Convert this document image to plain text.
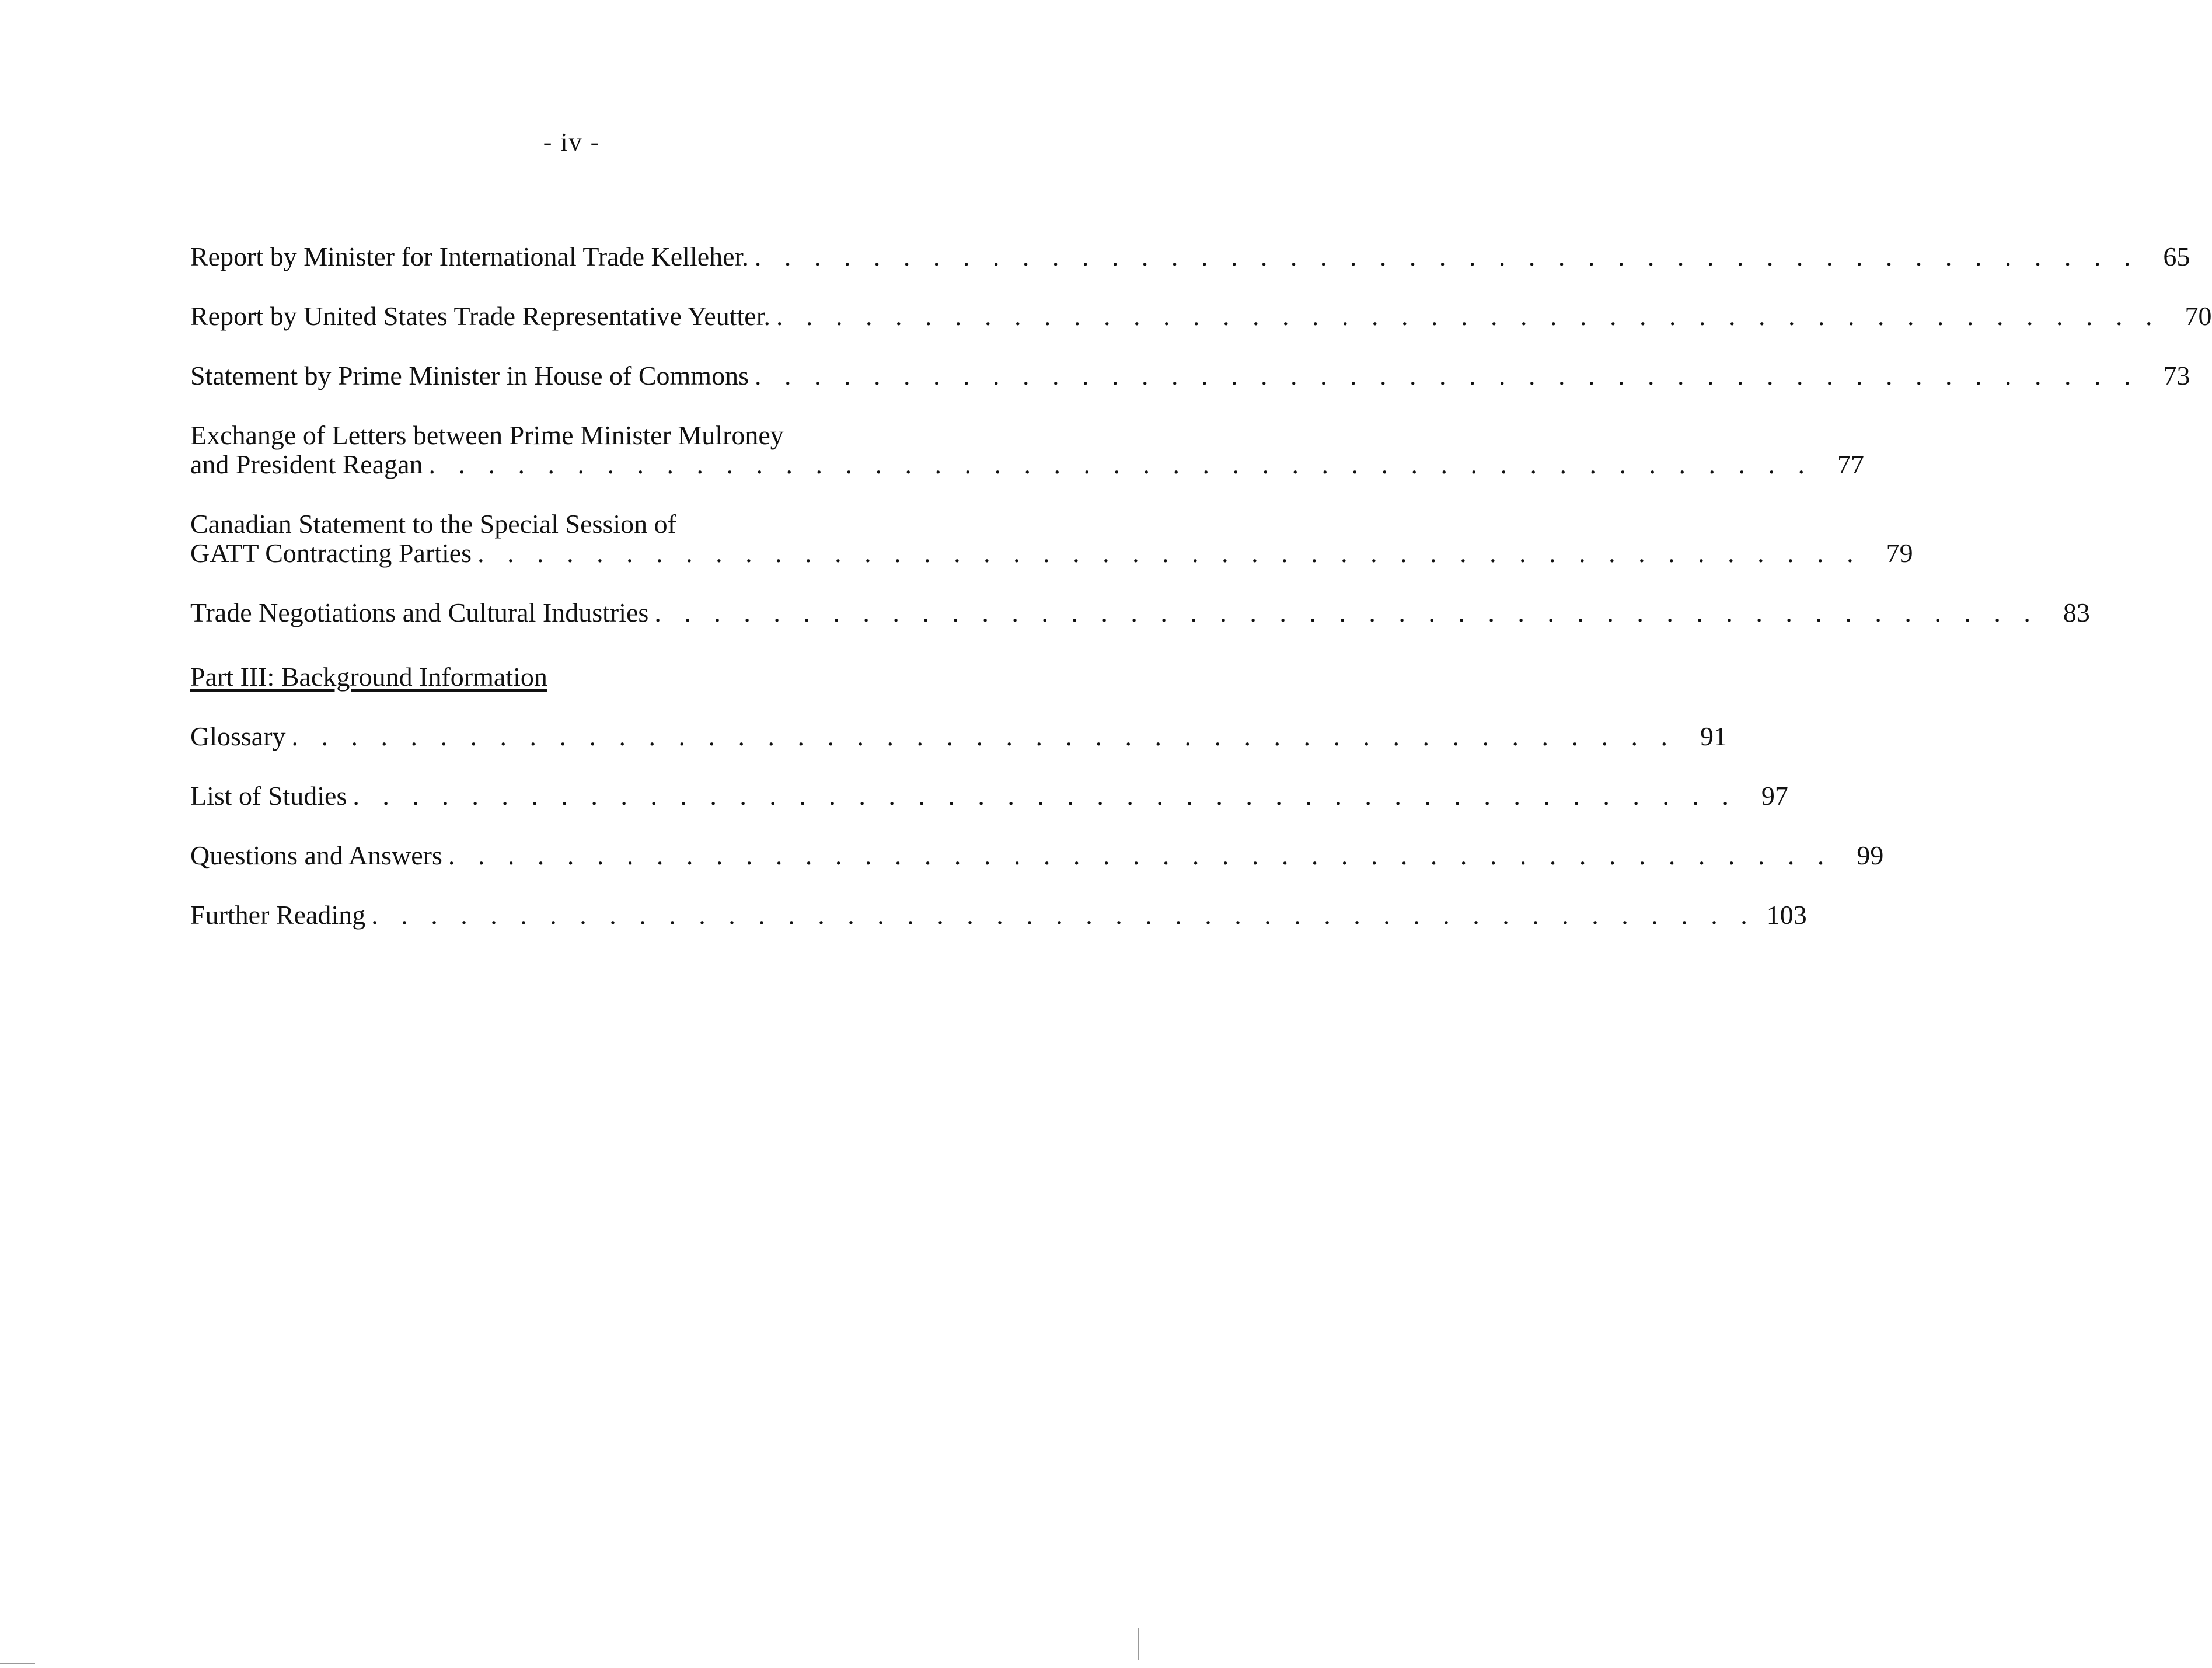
- iv -
Report by Minister for International Trade Kelleher. . . . . . . . . . . . . . . . . . . . . . . . . . . . . . . . . . . . . . . . . . . . . . . . 65
Report by United States Trade Representative Yeutter. . . . . . . . . . . . . . . . . . . . . . . . . . . . . . . . . . . . . . . . . . . . . . . . 70
Statement by Prime Minister in House of Commons . . . . . . . . . . . . . . . . . . . . . . . . . . . . . . . . . . . . . . . . . . . . . . . 73
Exchange of Letters between Prime Minister Mulroney
and President Reagan . . . . . . . . . . . . . . . . . . . . . . . . . . . . . . . . . . . . . . . . . . . . . . . 77
Canadian Statement to the Special Session of
GATT Contracting Parties . . . . . . . . . . . . . . . . . . . . . . . . . . . . . . . . . . . . . . . . . . . . . . . 79
Trade Negotiations and Cultural Industries . . . . . . . . . . . . . . . . . . . . . . . . . . . . . . . . . . . . . . . . . . . . . . . 83
Part III: Background Information
Glossary . . . . . . . . . . . . . . . . . . . . . . . . . . . . . . . . . . . . . . . . . . . . . . . 91
List of Studies . . . . . . . . . . . . . . . . . . . . . . . . . . . . . . . . . . . . . . . . . . . . . . . 97
Questions and Answers . . . . . . . . . . . . . . . . . . . . . . . . . . . . . . . . . . . . . . . . . . . . . . . 99
Further Reading . . . . . . . . . . . . . . . . . . . . . . . . . . . . . . . . . . . . . . . . . . . . . . . 103
